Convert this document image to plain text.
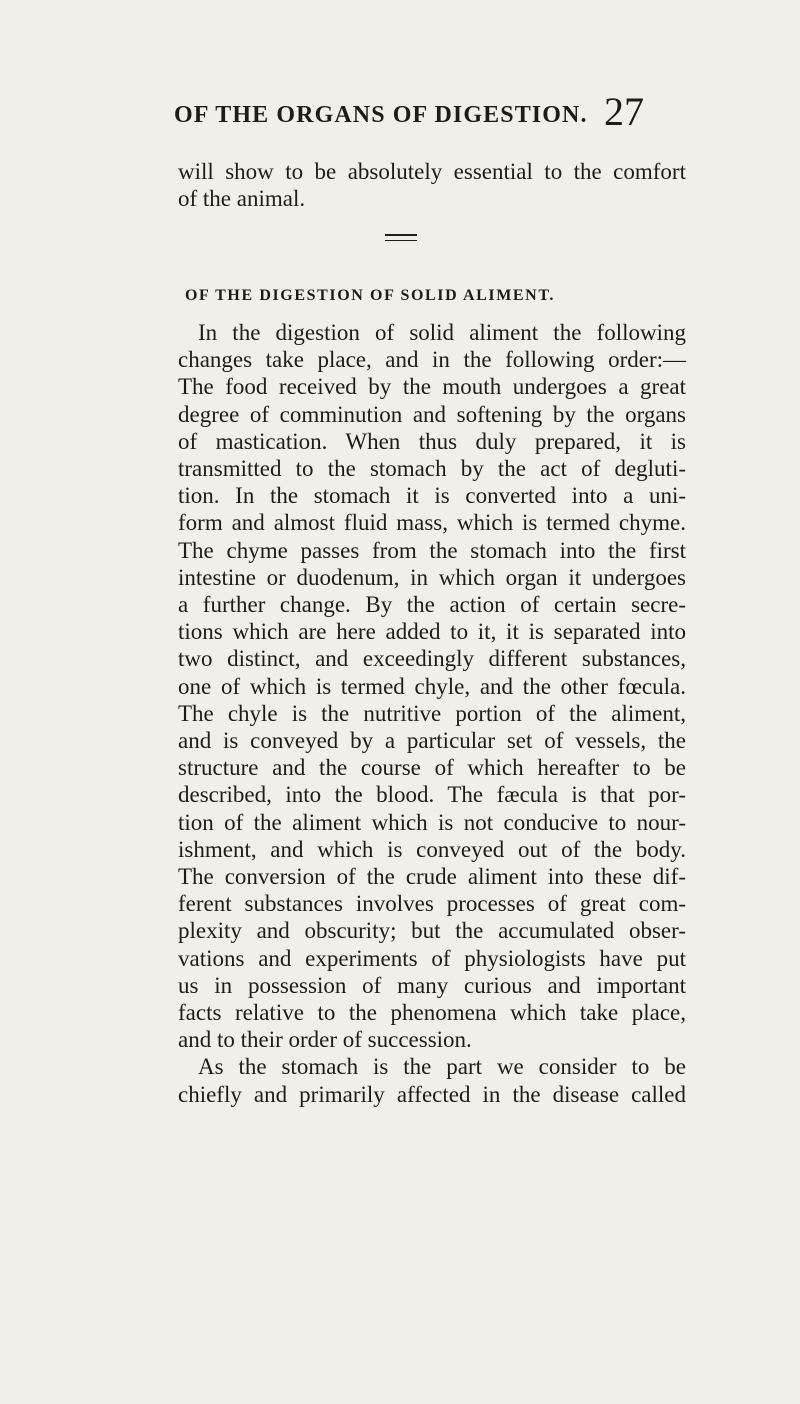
OF THE ORGANS OF DIGESTION. 27
will show to be absolutely essential to the comfort
of the animal.
OF THE DIGESTION OF SOLID ALIMENT.
In the digestion of solid aliment the following
changes take place, and in the following order:—
The food received by the mouth undergoes a great
degree of comminution and softening by the organs
of mastication. When thus duly prepared, it is
transmitted to the stomach by the act of degluti-
tion. In the stomach it is converted into a uni-
form and almost fluid mass, which is termed chyme.
The chyme passes from the stomach into the first
intestine or duodenum, in which organ it undergoes
a further change. By the action of certain secre-
tions which are here added to it, it is separated into
two distinct, and exceedingly different substances,
one of which is termed chyle, and the other fœcula.
The chyle is the nutritive portion of the aliment,
and is conveyed by a particular set of vessels, the
structure and the course of which hereafter to be
described, into the blood. The fæcula is that por-
tion of the aliment which is not conducive to nour-
ishment, and which is conveyed out of the body.
The conversion of the crude aliment into these dif-
ferent substances involves processes of great com-
plexity and obscurity; but the accumulated obser-
vations and experiments of physiologists have put
us in possession of many curious and important
facts relative to the phenomena which take place,
and to their order of succession.
As the stomach is the part we consider to be
chiefly and primarily affected in the disease called
